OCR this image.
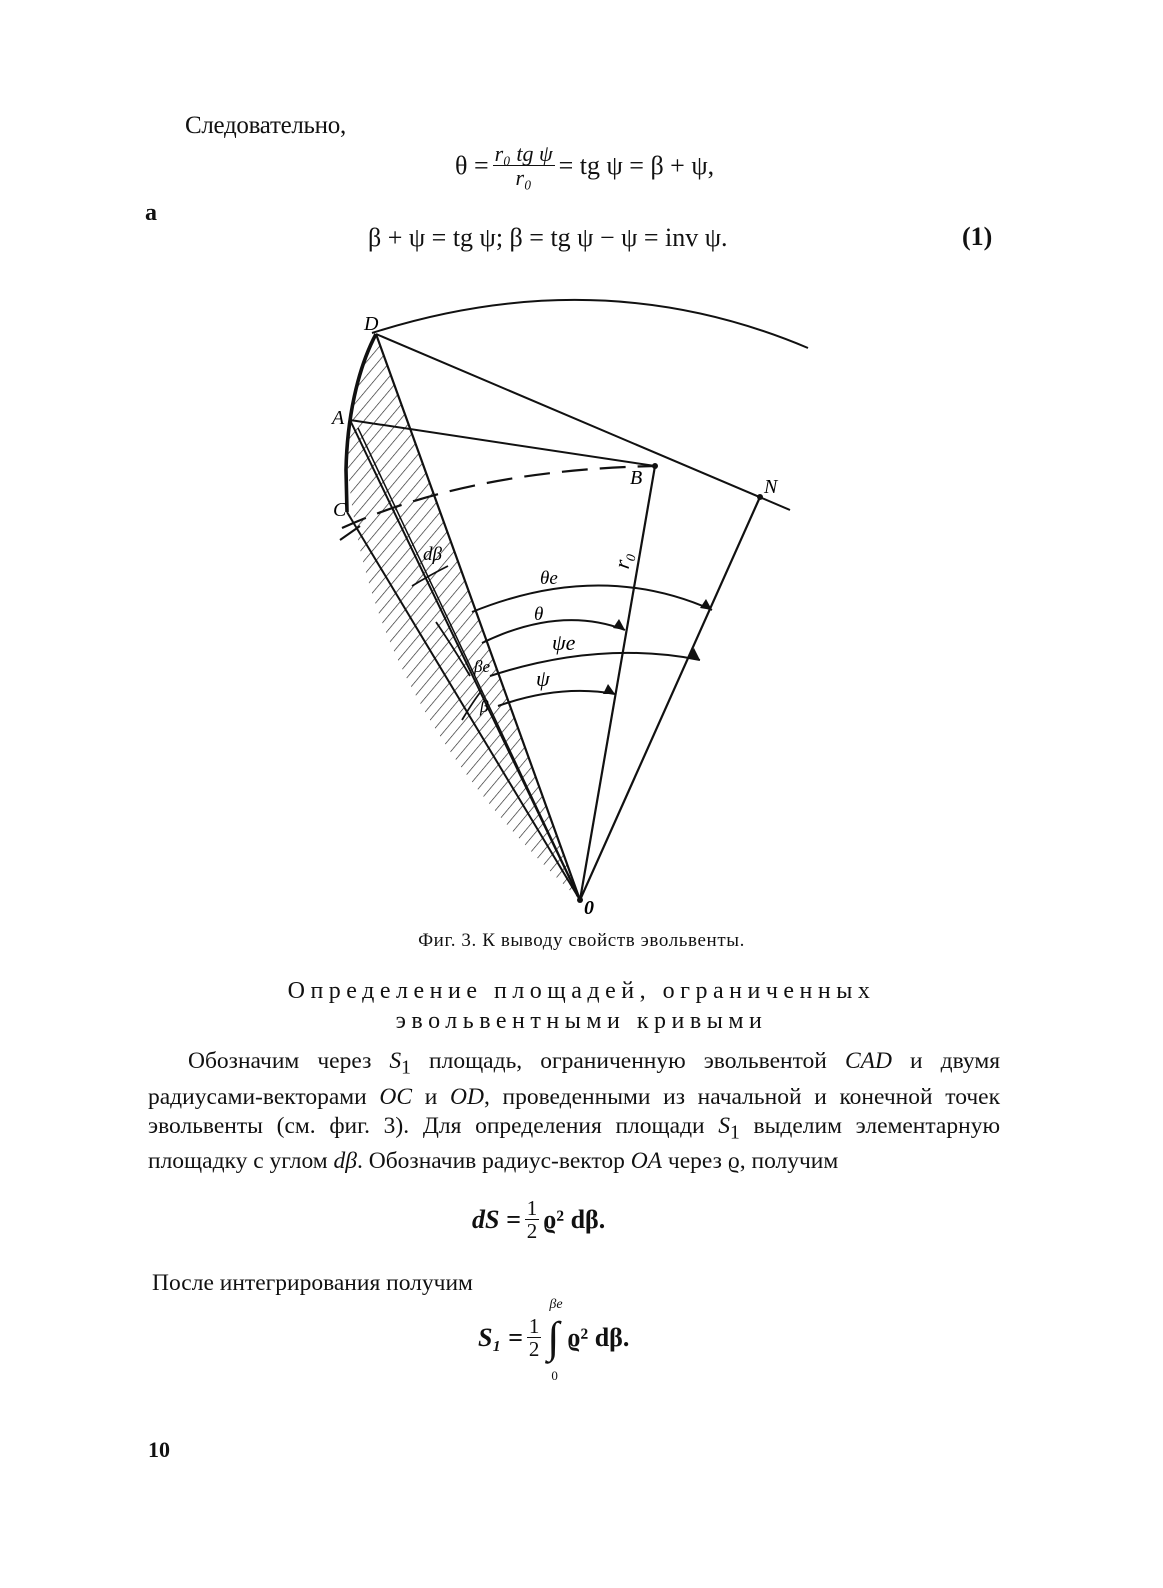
Следовательно,
$\theta = \frac{\text{r₀ tg ψ}}{\text{r₀}}$ = tg ψ = β + ψ,
a
β + ψ = tg ψ; β = tg ψ − ψ = inv ψ.	(1)
D
A
C
B	N
0
r₀
θe
θ
ψe
ψ
βe
β
dβ
Фиг. 3. К выводу свойств эвольвенты.
Определение площадей, ограниченных
эвольвентными кривыми
Обозначим через $S_1$ площадь, ограниченную эвольвентой CAD и двумя радиусами-векторами OC и OD, проведенными из начальной и конечной точек эвольвенты (см. фиг. 3). Для определения площади $S_1$ выделим элементарную площадку с углом dβ. Обозначив радиус-вектор OA через ϱ, получим
dS = $\frac{1}{2} ϱ^2$ dβ.
После интегрирования получим
$S_1 = \frac{1}{2}$ ∫
βe
0
ϱ² dβ.
10
